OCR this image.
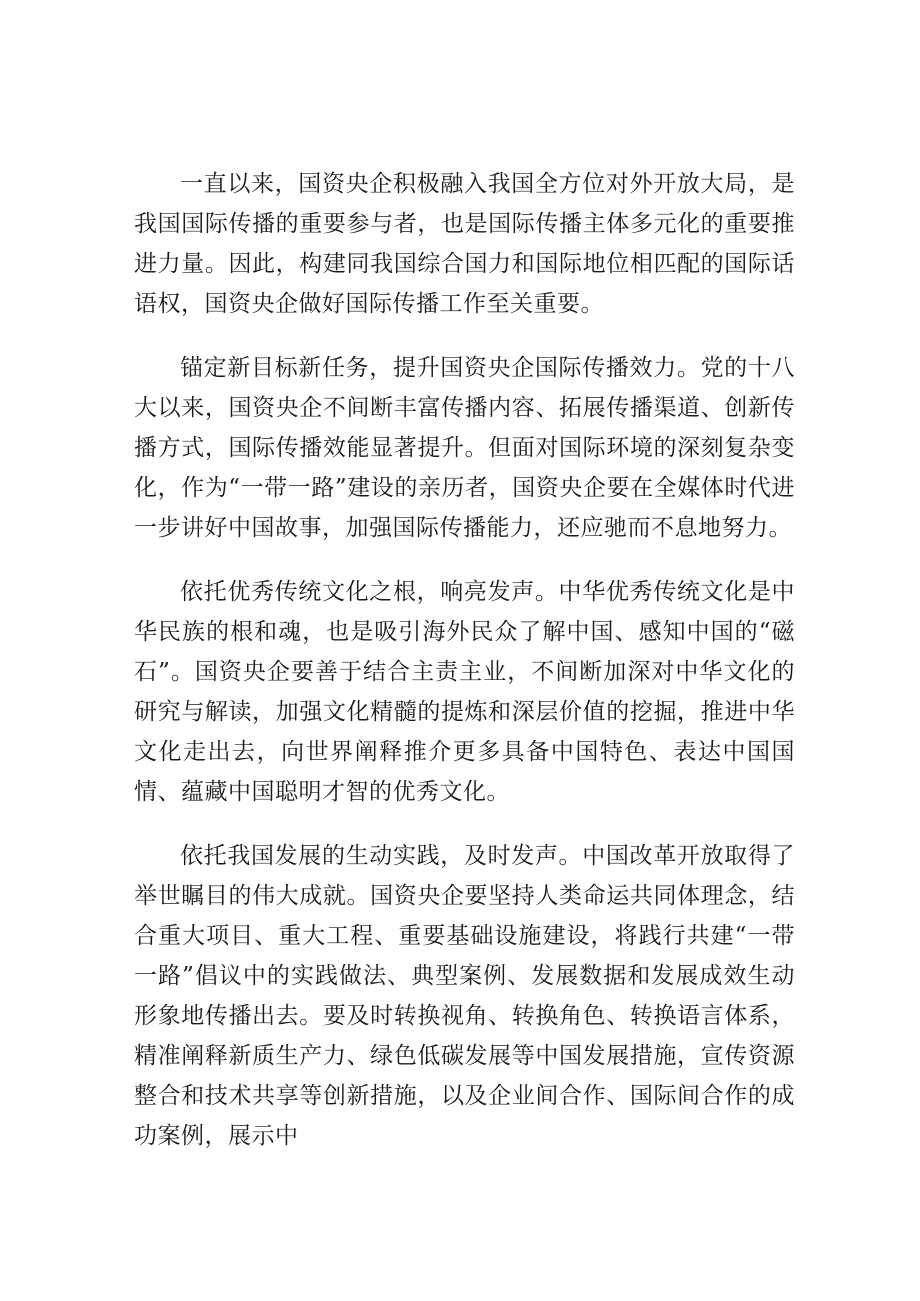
一直以来，国资央企积极融入我国全方位对外开放大局，是我国国际传播的重要参与者，也是国际传播主体多元化的重要推进力量。因此，构建同我国综合国力和国际地位相匹配的国际话语权，国资央企做好国际传播工作至关重要。

锚定新目标新任务，提升国资央企国际传播效力。党的十八大以来，国资央企不间断丰富传播内容、拓展传播渠道、创新传播方式，国际传播效能显著提升。但面对国际环境的深刻复杂变化，作为“一带一路”建设的亲历者，国资央企要在全媒体时代进一步讲好中国故事，加强国际传播能力，还应驰而不息地努力。

依托优秀传统文化之根，响亮发声。中华优秀传统文化是中华民族的根和魂，也是吸引海外民众了解中国、感知中国的“磁石”。国资央企要善于结合主责主业，不间断加深对中华文化的研究与解读，加强文化精髓的提炼和深层价值的挖掘，推进中华文化走出去，向世界阐释推介更多具备中国特色、表达中国国情、蕴藏中国聪明才智的优秀文化。

依托我国发展的生动实践，及时发声。中国改革开放取得了举世瞩目的伟大成就。国资央企要坚持人类命运共同体理念，结合重大项目、重大工程、重要基础设施建设，将践行共建“一带一路”倡议中的实践做法、典型案例、发展数据和发展成效生动形象地传播出去。要及时转换视角、转换角色、转换语言体系，精准阐释新质生产力、绿色低碳发展等中国发展措施，宣传资源整合和技术共享等创新措施，以及企业间合作、国际间合作的成功案例，展示中
